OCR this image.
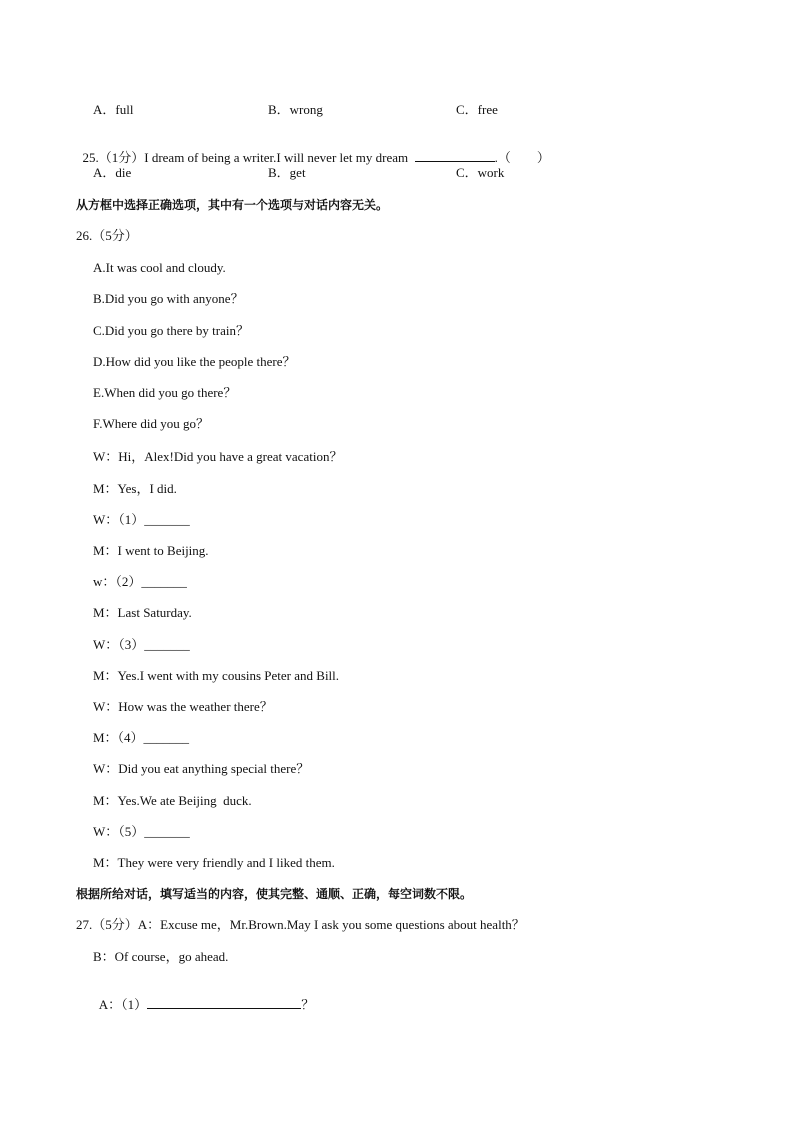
A．full	B．wrong	C．free

25.（1分）I dream of being a writer.I will never let my dream	.（　　）

A．die	B．get	C．work
从方框中选择正确选项，其中有一个选项与对话内容无关。
26.（5分）
A.It was cool and cloudy.
B.Did you go with anyone？
C.Did you go there by train？
D.How did you like the people there？
E.When did you go there？
F.Where did you go？
W：Hi，Alex!Did you have a great vacation？
M：Yes，I did.
W：（1）_______
M：I went to Beijing.
w：（2）_______
M：Last Saturday.
W：（3）_______
M：Yes.I went with my cousins Peter and Bill.
W：How was the weather there？
M：（4）_______
W：Did you eat anything special there？
M：Yes.We ate Beijing  duck.
W：（5）_______
M：They were very friendly and I liked them.
根据所给对话，填写适当的内容，使其完整、通顺、正确，每空词数不限。
27.（5分）A：Excuse me，Mr.Brown.May I ask you some questions about health？
B：Of course，go ahead.

A：（1）	？
